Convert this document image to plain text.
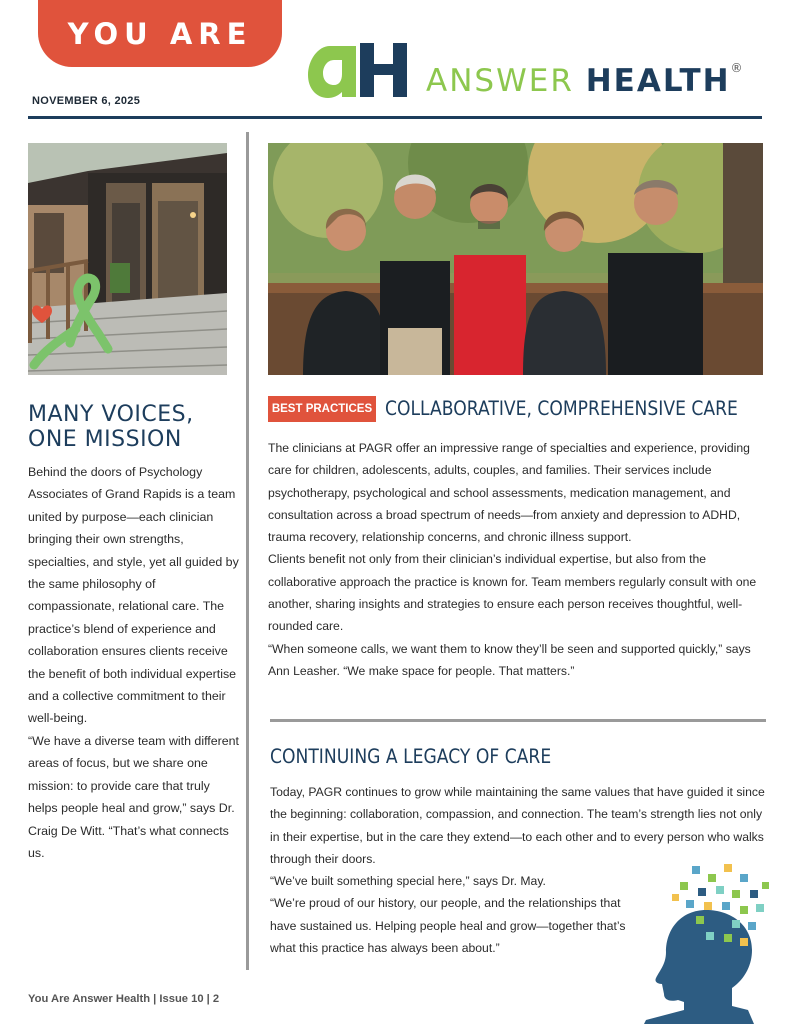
YOU ARE
ANSWER HEALTH®
NOVEMBER 6, 2025
MANY VOICES,
ONE MISSION

Behind the doors of Psychology Associates of Grand Rapids is a team united by purpose—each clinician bringing their own strengths, specialties, and style, yet all guided by the same philosophy of compassionate, relational care. The practice’s blend of experience and collaboration ensures clients receive the benefit of both individual expertise and a collective commitment to their well-being.

“We have a diverse team with different areas of focus, but we share one mission: to provide care that truly helps people heal and grow,” says Dr. Craig De Witt. “That’s what connects us.

BEST PRACTICES COLLABORATIVE, COMPREHENSIVE CARE

The clinicians at PAGR offer an impressive range of specialties and experience, providing care for children, adolescents, adults, couples, and families. Their services include psychotherapy, psychological and school assessments, medication management, and consultation across a broad spectrum of needs—from anxiety and depression to ADHD, trauma recovery, relationship concerns, and chronic illness support.

Clients benefit not only from their clinician’s individual expertise, but also from the collaborative approach the practice is known for. Team members regularly consult with one another, sharing insights and strategies to ensure each person receives thoughtful, well-rounded care.

“When someone calls, we want them to know they’ll be seen and supported quickly,” says Ann Leasher. “We make space for people. That matters.”

CONTINUING A LEGACY OF CARE

Today, PAGR continues to grow while maintaining the same values that have guided it since the beginning: collaboration, compassion, and connection. The team’s strength lies not only in their expertise, but in the care they extend—to each other and to every person who walks through their doors.

“We’ve built something special here,” says Dr. May.

“We’re proud of our history, our people, and the relationships that have sustained us. Helping people heal and grow—together that’s what this practice has always been about.”

You Are Answer Health | Issue 10 | 2
